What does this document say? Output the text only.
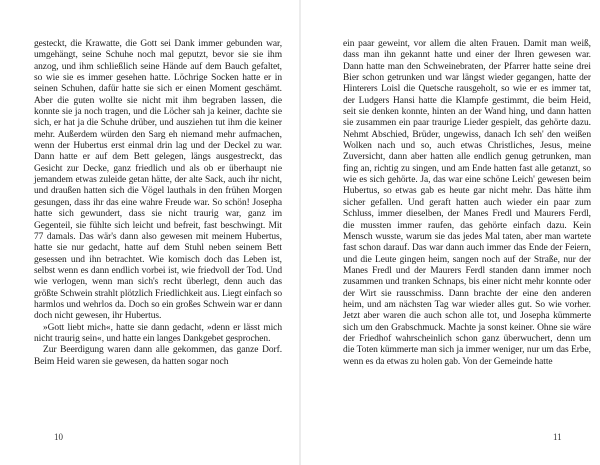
gesteckt, die Krawatte, die Gott sei Dank immer gebunden war, umgehängt, seine Schuhe noch mal geputzt, bevor sie sie ihm anzog, und ihm schließlich seine Hände auf dem Bauch gefaltet, so wie sie es immer gesehen hatte. Löchrige Socken hatte er in seinen Schuhen, dafür hatte sie sich er einen Moment geschämt. Aber die guten wollte sie nicht mit ihm begraben lassen, die konnte sie ja noch tragen, und die Löcher sah ja keiner, dachte sie sich, er hat ja die Schuhe drüber, und ausziehen tut ihm die keiner mehr. Außerdem würden den Sarg eh niemand mehr aufmachen, wenn der Hubertus erst einmal drin lag und der Deckel zu war. Dann hatte er auf dem Bett gelegen, längs ausgestreckt, das Gesicht zur Decke, ganz friedlich und als ob er überhaupt nie jemandem etwas zuleide getan hätte, der alte Sack, auch ihr nicht, und draußen hatten sich die Vögel lauthals in den frühen Morgen gesungen, dass ihr das eine wahre Freude war. So schön! Josepha hatte sich gewundert, dass sie nicht traurig war, ganz im Gegenteil, sie fühlte sich leicht und befreit, fast beschwingt. Mit 77 damals. Das wär's dann also gewesen mit meinem Hubertus, hatte sie nur gedacht, hatte auf dem Stuhl neben seinem Bett gesessen und ihn betrachtet. Wie komisch doch das Leben ist, selbst wenn es dann endlich vorbei ist, wie friedvoll der Tod. Und wie verlogen, wenn man sich's recht überlegt, denn auch das größte Schwein strahlt plötzlich Friedlichkeit aus. Liegt einfach so harmlos und wehrlos da. Doch so ein großes Schwein war er dann doch nicht gewesen, ihr Hubertus.

»Gott liebt mich«, hatte sie dann gedacht, »denn er lässt mich nicht traurig sein«, und hatte ein langes Dankgebet gesprochen.

Zur Beerdigung waren dann alle gekommen, das ganze Dorf. Beim Heid waren sie gewesen, da hatten sogar noch

10

ein paar geweint, vor allem die alten Frauen. Damit man weiß, dass man ihn gekannt hatte und einer der Ihren gewesen war. Dann hatte man den Schweinebraten, der Pfarrer hatte seine drei Bier schon getrunken und war längst wieder gegangen, hatte der Hinterers Loisl die Quetsche rausgeholt, so wie er es immer tat, der Ludgers Hansi hatte die Klampfe gestimmt, die beim Heid, seit sie denken konnte, hinten an der Wand hing, und dann hatten sie zusammen ein paar traurige Lieder gespielt, das gehörte dazu. Nehmt Abschied, Brüder, ungewiss, danach Ich seh' den weißen Wolken nach und so, auch etwas Christliches, Jesus, meine Zuversicht, dann aber hatten alle endlich genug getrunken, man fing an, richtig zu singen, und am Ende hatten fast alle getanzt, so wie es sich gehörte. Ja, das war eine schöne Leich' gewesen beim Hubertus, so etwas gab es heute gar nicht mehr. Das hätte ihm sicher gefallen. Und geraft hatten auch wieder ein paar zum Schluss, immer dieselben, der Manes Fredl und Maurers Ferdl, die mussten immer raufen, das gehörte einfach dazu. Kein Mensch wusste, warum sie das jedes Mal taten, aber man wartete fast schon darauf. Das war dann auch immer das Ende der Feiern, und die Leute gingen heim, sangen noch auf der Straße, nur der Manes Fredl und der Maurers Ferdl standen dann immer noch zusammen und tranken Schnaps, bis einer nicht mehr konnte oder der Wirt sie rausschmiss. Dann brachte der eine den anderen heim, und am nächsten Tag war wieder alles gut. So wie vorher. Jetzt aber waren die auch schon alle tot, und Josepha kümmerte sich um den Grabschmuck. Machte ja sonst keiner. Ohne sie wäre der Friedhof wahrscheinlich schon ganz überwuchert, denn um die Toten kümmerte man sich ja immer weniger, nur um das Erbe, wenn es da etwas zu holen gab. Von der Gemeinde hatte

11
